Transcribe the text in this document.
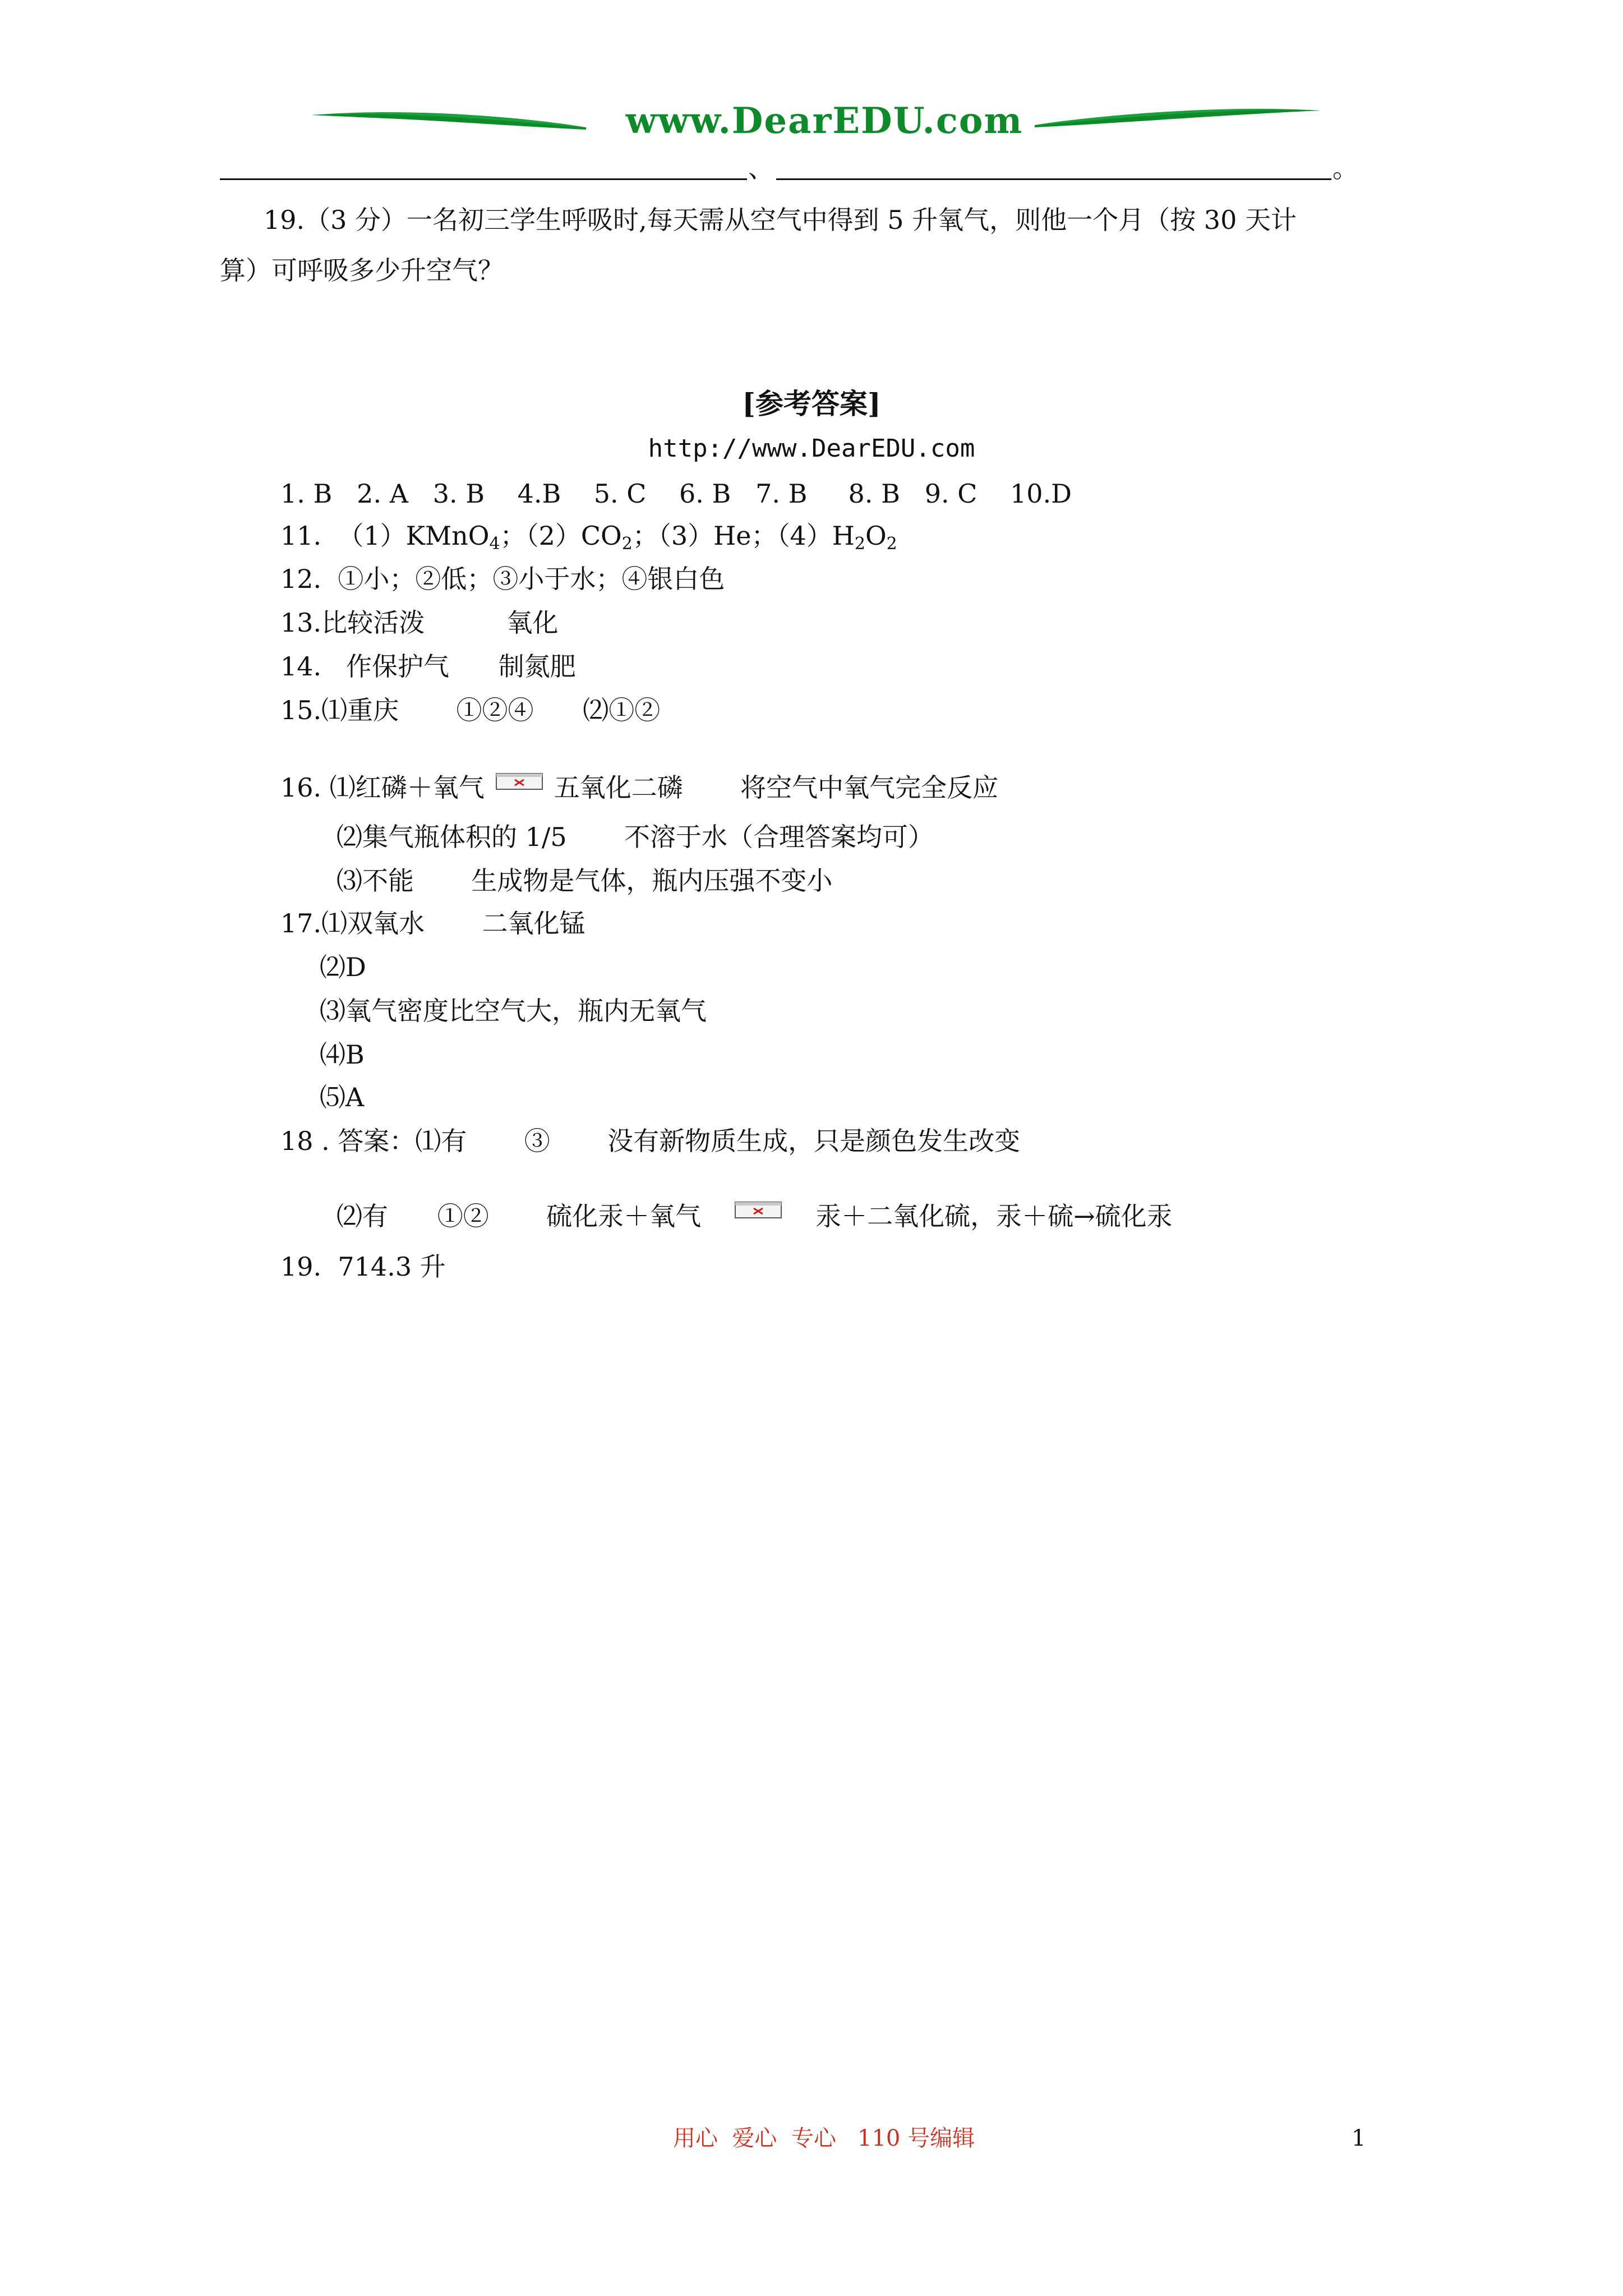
www.DearEDU.com
、	。
19.（3 分）一名初三学生呼吸时,每天需从空气中得到 5 升氧气，则他一个月（按 30 天计
算）可呼吸多少升空气？
[参考答案]
http://www.DearEDU.com
1. B   2. A   3. B    4.B    5. C    6. B   7. B     8. B   9. C    10.D
11.  （1）KMnO$_4$；$(2)CO_2$；（3）He；$(4)H_2O_2$
12.  ①小；②低；③小于水；④银白色
13.比较活泼          氧化
14.   作保护气      制氮肥
15.⑴重庆       ①②④      ⑵①②
16. ⑴红磷＋氧气	五氧化二磷       将空气中氧气完全反应
⑵集气瓶体积的 1/5       不溶于水（合理答案均可）
⑶不能       生成物是气体，瓶内压强不变小
17.⑴双氧水       二氧化锰
⑵D
⑶氧气密度比空气大，瓶内无氧气
⑷B
⑸A
18 . 答案：⑴有       ③       没有新物质生成，只是颜色发生改变
⑵有      ①②       硫化汞＋氧气	汞＋二氧化硫，汞＋硫→硫化汞
19.  714.3 升
用心  爱心  专心   110 号编辑	1
